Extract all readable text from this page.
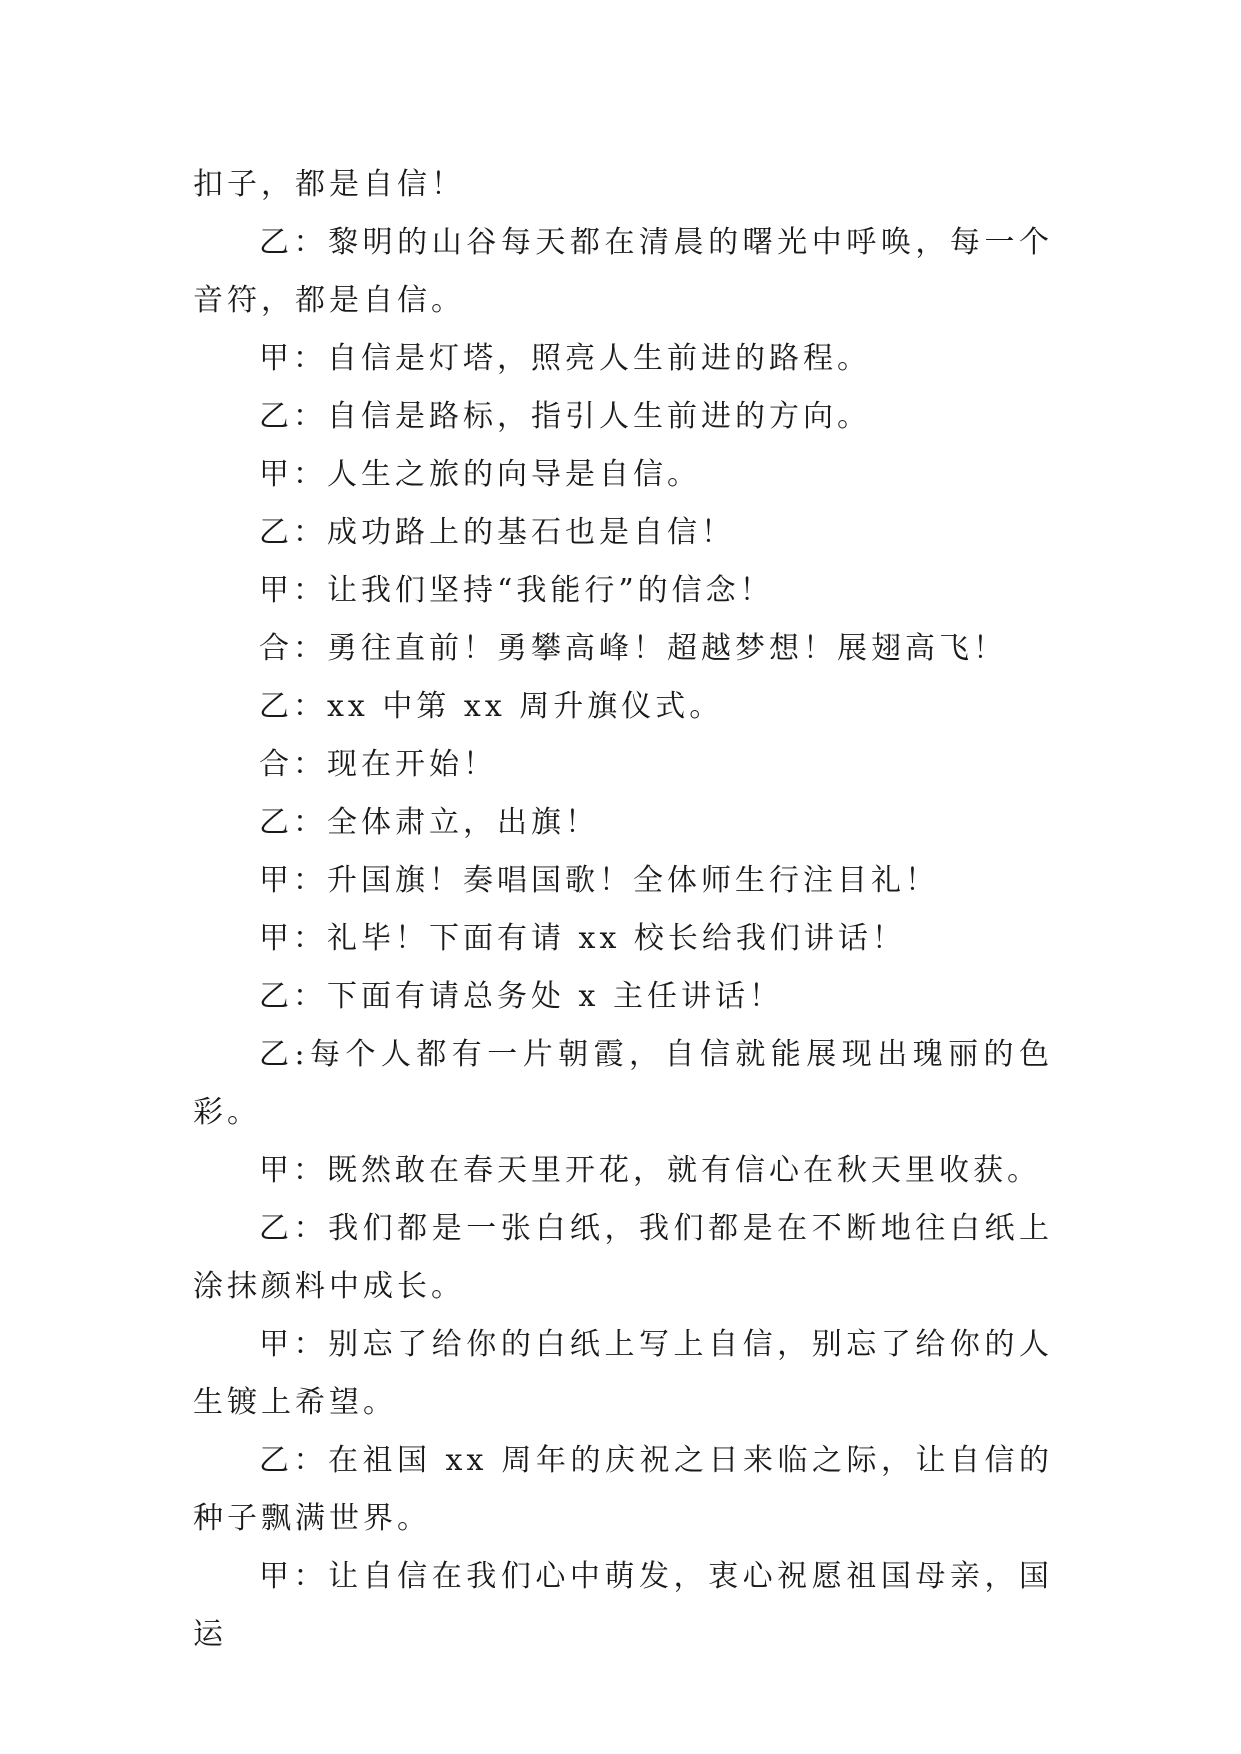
扣子，都是自信！

乙：黎明的山谷每天都在清晨的曙光中呼唤，每一个音符，都是自信。

甲：自信是灯塔，照亮人生前进的路程。

乙：自信是路标，指引人生前进的方向。

甲：人生之旅的向导是自信。

乙：成功路上的基石也是自信！

甲：让我们坚持“我能行”的信念！

合：勇往直前！勇攀高峰！超越梦想！展翅高飞！

乙：xx 中第 xx 周升旗仪式。

合：现在开始！

乙：全体肃立，出旗！

甲：升国旗！奏唱国歌！全体师生行注目礼！

甲：礼毕！下面有请 xx 校长给我们讲话！

乙：下面有请总务处 x 主任讲话！

乙:每个人都有一片朝霞，自信就能展现出瑰丽的色彩。

甲：既然敢在春天里开花，就有信心在秋天里收获。

乙：我们都是一张白纸，我们都是在不断地往白纸上涂抹颜料中成长。

甲：别忘了给你的白纸上写上自信，别忘了给你的人生镀上希望。

乙：在祖国 xx 周年的庆祝之日来临之际，让自信的种子飘满世界。

甲：让自信在我们心中萌发，衷心祝愿祖国母亲，国运
